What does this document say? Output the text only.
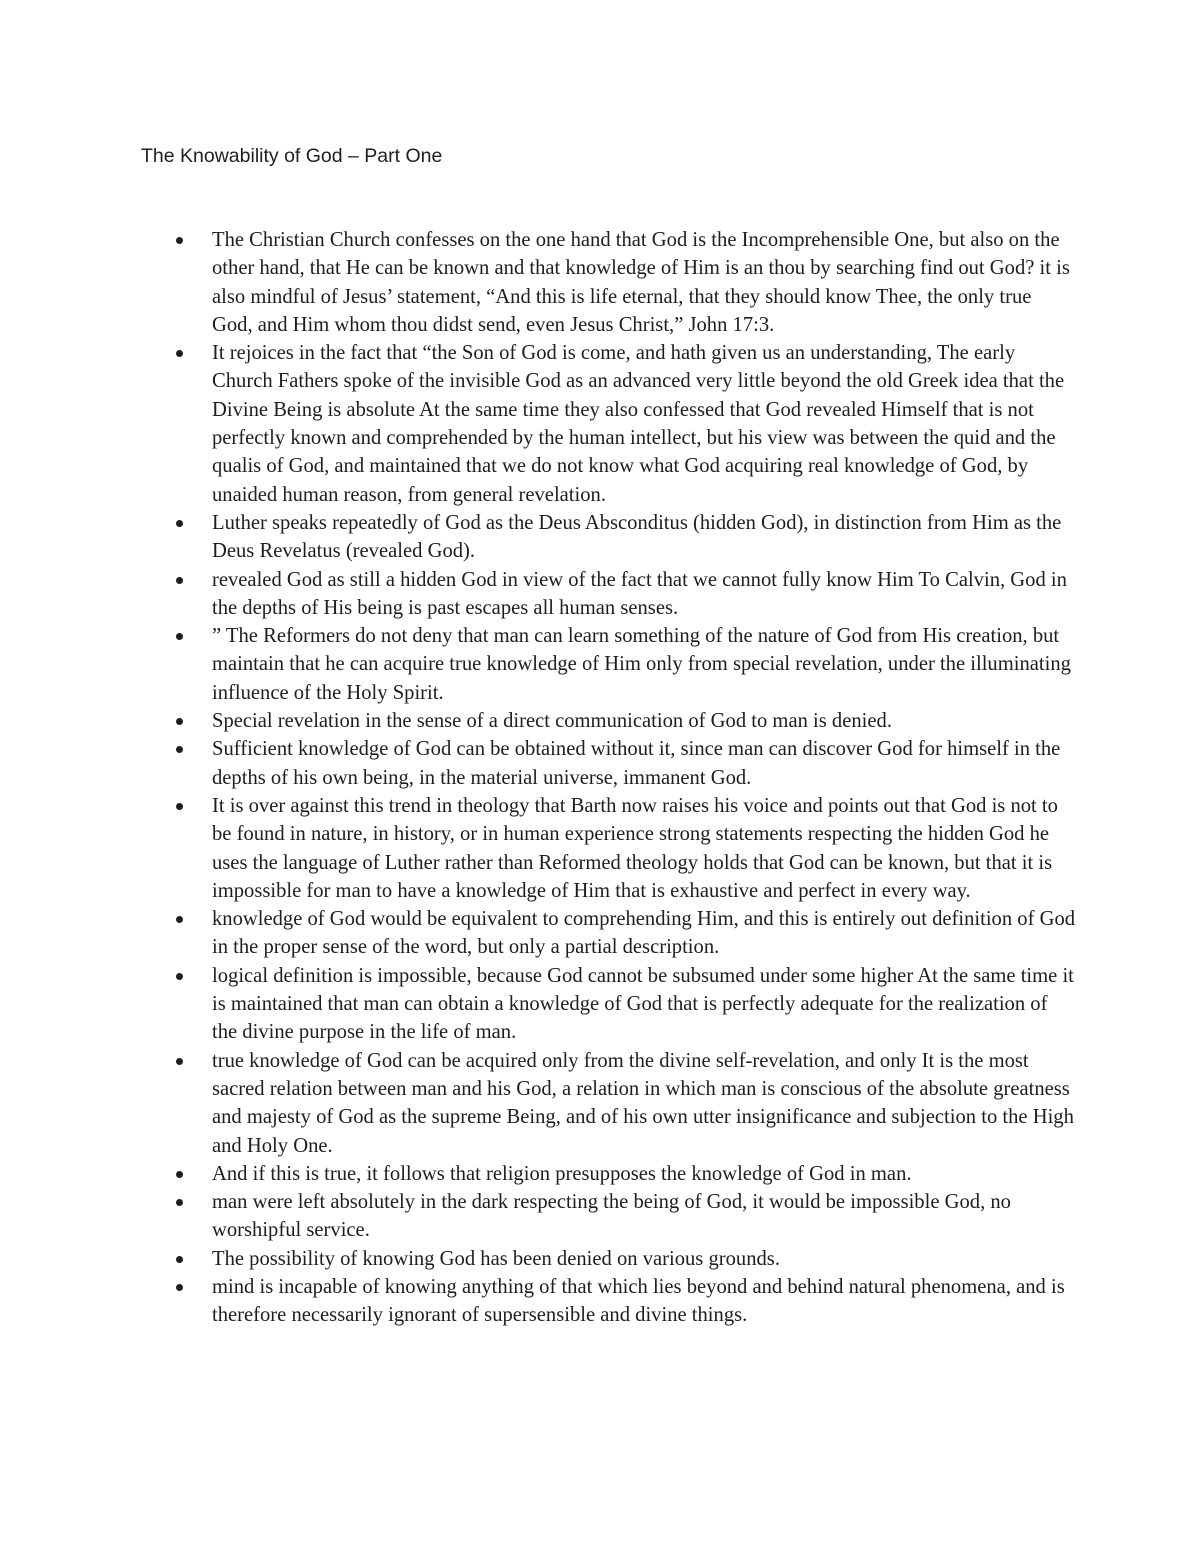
The Knowability of God – Part One
The Christian Church confesses on the one hand that God is the Incomprehensible One, but also on the other hand, that He can be known and that knowledge of Him is an thou by searching find out God? it is also mindful of Jesus’ statement, “And this is life eternal, that they should know Thee, the only true God, and Him whom thou didst send, even Jesus Christ,” John 17:3.
It rejoices in the fact that “the Son of God is come, and hath given us an understanding, The early Church Fathers spoke of the invisible God as an advanced very little beyond the old Greek idea that the Divine Being is absolute At the same time they also confessed that God revealed Himself that is not perfectly known and comprehended by the human intellect, but his view was between the quid and the qualis of God, and maintained that we do not know what God acquiring real knowledge of God, by unaided human reason, from general revelation.
Luther speaks repeatedly of God as the Deus Absconditus (hidden God), in distinction from Him as the Deus Revelatus (revealed God).
revealed God as still a hidden God in view of the fact that we cannot fully know Him To Calvin, God in the depths of His being is past escapes all human senses.
” The Reformers do not deny that man can learn something of the nature of God from His creation, but maintain that he can acquire true knowledge of Him only from special revelation, under the illuminating influence of the Holy Spirit.
Special revelation in the sense of a direct communication of God to man is denied.
Sufficient knowledge of God can be obtained without it, since man can discover God for himself in the depths of his own being, in the material universe, immanent God.
It is over against this trend in theology that Barth now raises his voice and points out that God is not to be found in nature, in history, or in human experience strong statements respecting the hidden God he uses the language of Luther rather than Reformed theology holds that God can be known, but that it is impossible for man to have a knowledge of Him that is exhaustive and perfect in every way.
knowledge of God would be equivalent to comprehending Him, and this is entirely out definition of God in the proper sense of the word, but only a partial description.
logical definition is impossible, because God cannot be subsumed under some higher At the same time it is maintained that man can obtain a knowledge of God that is perfectly adequate for the realization of the divine purpose in the life of man.
true knowledge of God can be acquired only from the divine self-revelation, and only It is the most sacred relation between man and his God, a relation in which man is conscious of the absolute greatness and majesty of God as the supreme Being, and of his own utter insignificance and subjection to the High and Holy One.
And if this is true, it follows that religion presupposes the knowledge of God in man.
man were left absolutely in the dark respecting the being of God, it would be impossible God, no worshipful service.
The possibility of knowing God has been denied on various grounds.
mind is incapable of knowing anything of that which lies beyond and behind natural phenomena, and is therefore necessarily ignorant of supersensible and divine things.
